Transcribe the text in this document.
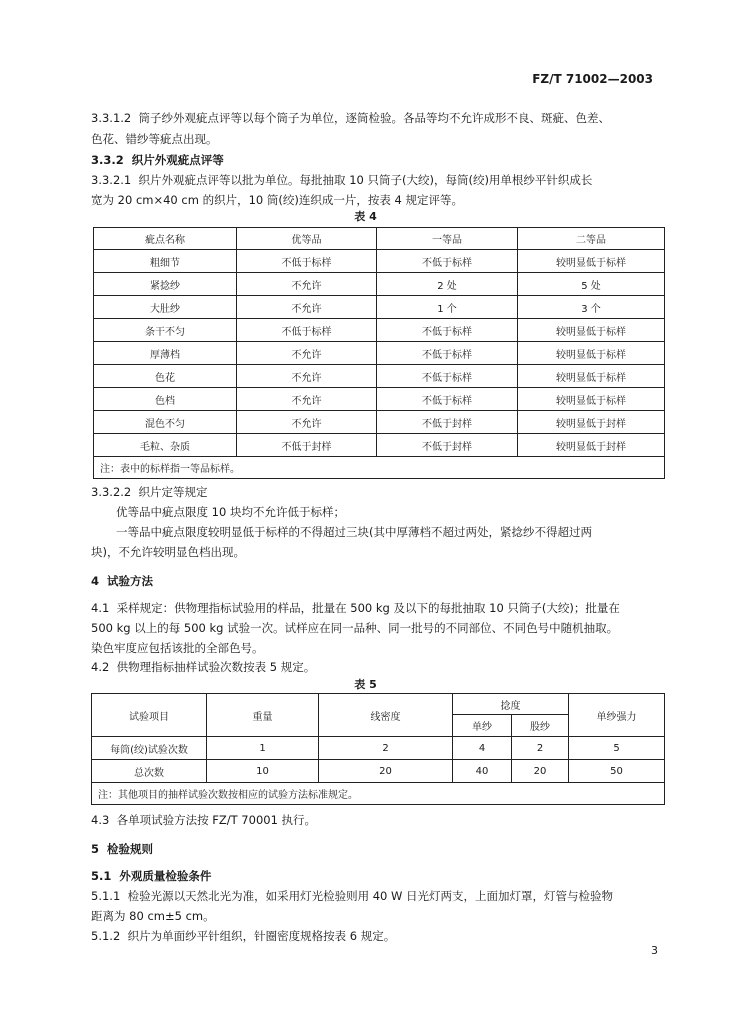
FZ/T 71002—2003
3.3.1.2 筒子纱外观疵点评等以每个筒子为单位，逐筒检验。各品等均不允许成形不良、斑疵、色差、
色花、错纱等疵点出现。
3.3.2 织片外观疵点评等
3.3.2.1 织片外观疵点评等以批为单位。每批抽取 10 只筒子(大绞)，每筒(绞)用单根纱平针织成长
宽为 20 cm×40 cm 的织片，10 筒(绞)连织成一片，按表 4 规定评等。
表 4
疵点名称	优等品	一等品	二等品
粗细节	不低于标样	不低于标样	较明显低于标样
紧捻纱	不允许	2 处	5 处
大肚纱	不允许	1 个	3 个
条干不匀	不低于标样	不低于标样	较明显低于标样
厚薄档	不允许	不低于标样	较明显低于标样
色花	不允许	不低于标样	较明显低于标样
色档	不允许	不低于标样	较明显低于标样
混色不匀	不允许	不低于封样	较明显低于封样
毛粒、杂质	不低于封样	不低于封样	较明显低于封样
注：表中的标样指一等品标样。			
3.3.2.2 织片定等规定
优等品中疵点限度 10 块均不允许低于标样；
一等品中疵点限度较明显低于标样的不得超过三块(其中厚薄档不超过两处，紧捻纱不得超过两
块)，不允许较明显色档出现。
4 试验方法
4.1 采样规定：供物理指标试验用的样品，批量在 500 kg 及以下的每批抽取 10 只筒子(大绞)；批量在
500 kg 以上的每 500 kg 试验一次。试样应在同一品种、同一批号的不同部位、不同色号中随机抽取。
染色牢度应包括该批的全部色号。
4.2 供物理指标抽样试验次数按表 5 规定。
表 5
试验项目	重量	线密度	捻度		单纱强力
			单纱	股纱	
每筒(绞)试验次数	1	2	4	2	5
总次数	10	20	40	20	50
注：其他项目的抽样试验次数按相应的试验方法标准规定。					
4.3 各单项试验方法按 FZ/T 70001 执行。
5 检验规则
5.1 外观质量检验条件
5.1.1 检验光源以天然北光为准，如采用灯光检验则用 40 W 日光灯两支，上面加灯罩，灯管与检验物
距离为 80 cm±5 cm。
5.1.2 织片为单面纱平针组织，针圈密度规格按表 6 规定。
3
